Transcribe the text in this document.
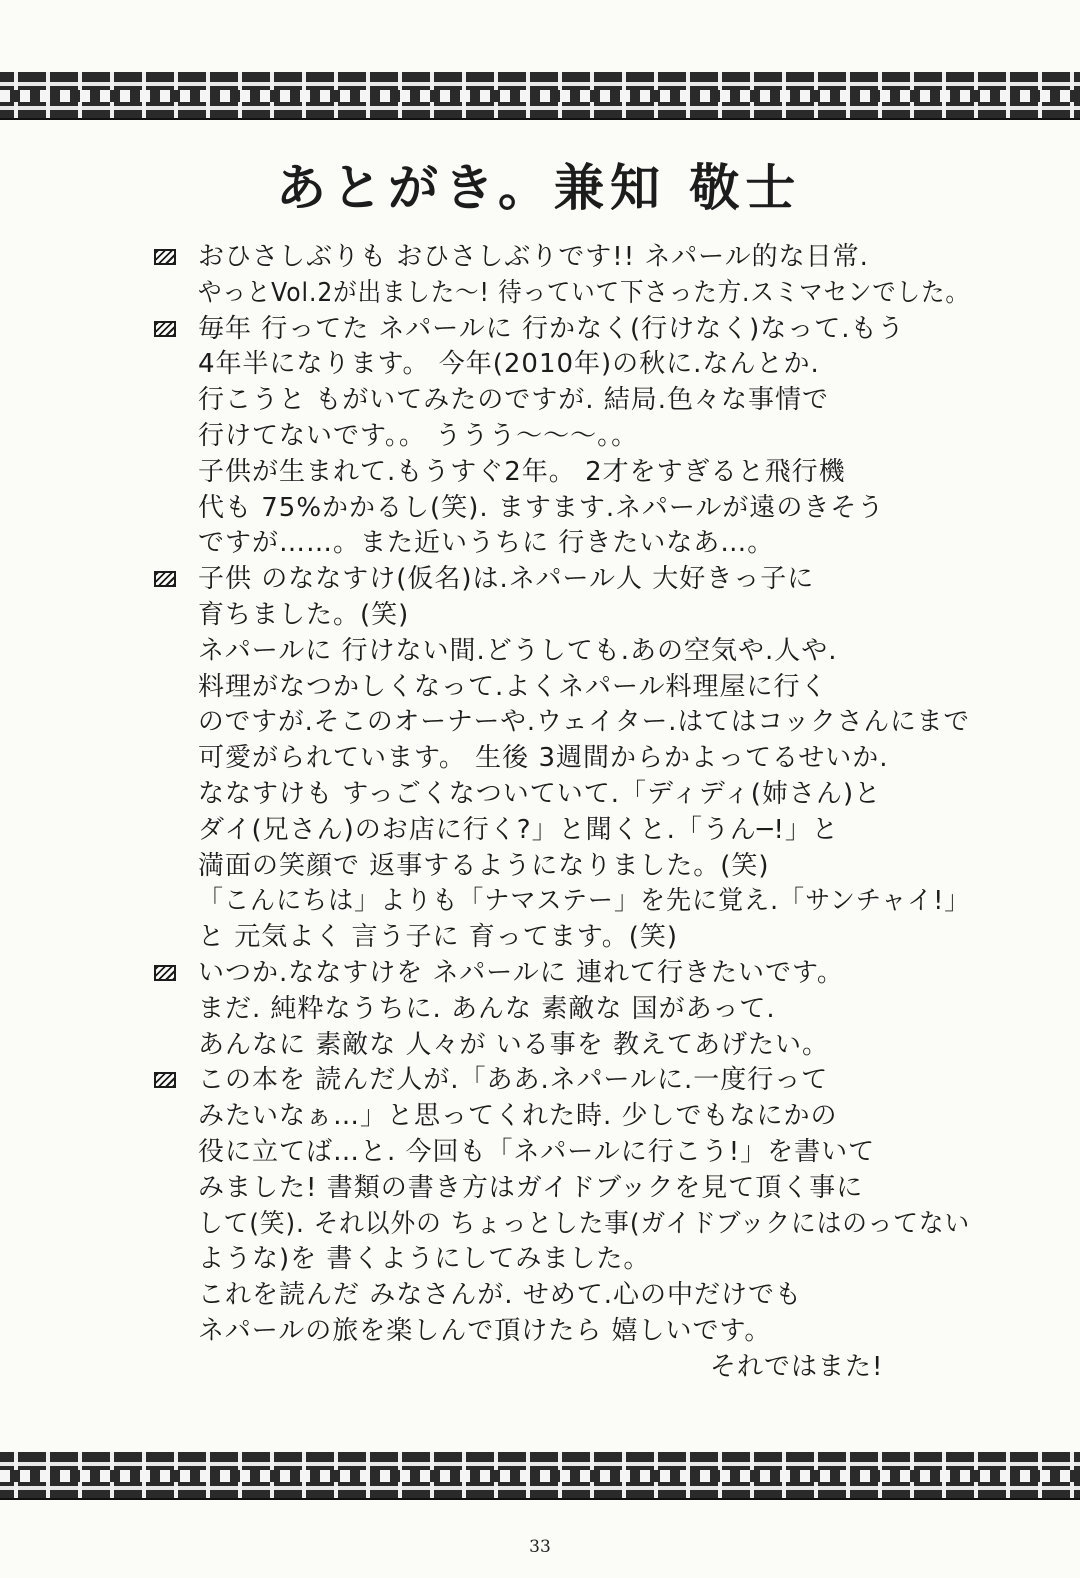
あとがき。兼知 敬士
おひさしぶりも おひさしぶりです!! ネパール的な日常.
やっとVol.2が出ました〜! 待っていて下さった方.スミマセンでした。
毎年 行ってた ネパールに 行かなく(行けなく)なって.もう
4年半になります。 今年(2010年)の秋に.なんとか.
行こうと もがいてみたのですが. 結局.色々な事情で
行けてないです。。 ううう〜〜〜。。
子供が生まれて.もうすぐ2年。 2才をすぎると飛行機
代も 75%かかるし(笑). ますます.ネパールが遠のきそう
ですが……。また近いうちに 行きたいなあ…。
子供 のななすけ(仮名)は.ネパール人 大好きっ子に
育ちました。(笑)
ネパールに 行けない間.どうしても.あの空気や.人や.
料理がなつかしくなって.よくネパール料理屋に行く
のですが.そこのオーナーや.ウェイター.はてはコックさんにまで
可愛がられています。 生後 3週間からかよってるせいか.
ななすけも すっごくなついていて.「ディディ(姉さん)と
ダイ(兄さん)のお店に行く?」と聞くと.「うん─!」と
満面の笑顔で 返事するようになりました。(笑)
「こんにちは」よりも「ナマステー」を先に覚え.「サンチャイ!」
と 元気よく 言う子に 育ってます。(笑)
いつか.ななすけを ネパールに 連れて行きたいです。
まだ. 純粋なうちに. あんな 素敵な 国があって.
あんなに 素敵な 人々が いる事を 教えてあげたい。
この本を 読んだ人が.「ああ.ネパールに.一度行って
みたいなぁ…」と思ってくれた時. 少しでもなにかの
役に立てば…と. 今回も「ネパールに行こう!」を書いて
みました! 書類の書き方はガイドブックを見て頂く事に
して(笑). それ以外の ちょっとした事(ガイドブックにはのってない
ような)を 書くようにしてみました。
これを読んだ みなさんが. せめて.心の中だけでも
ネパールの旅を楽しんで頂けたら 嬉しいです。
それではまた!
33
